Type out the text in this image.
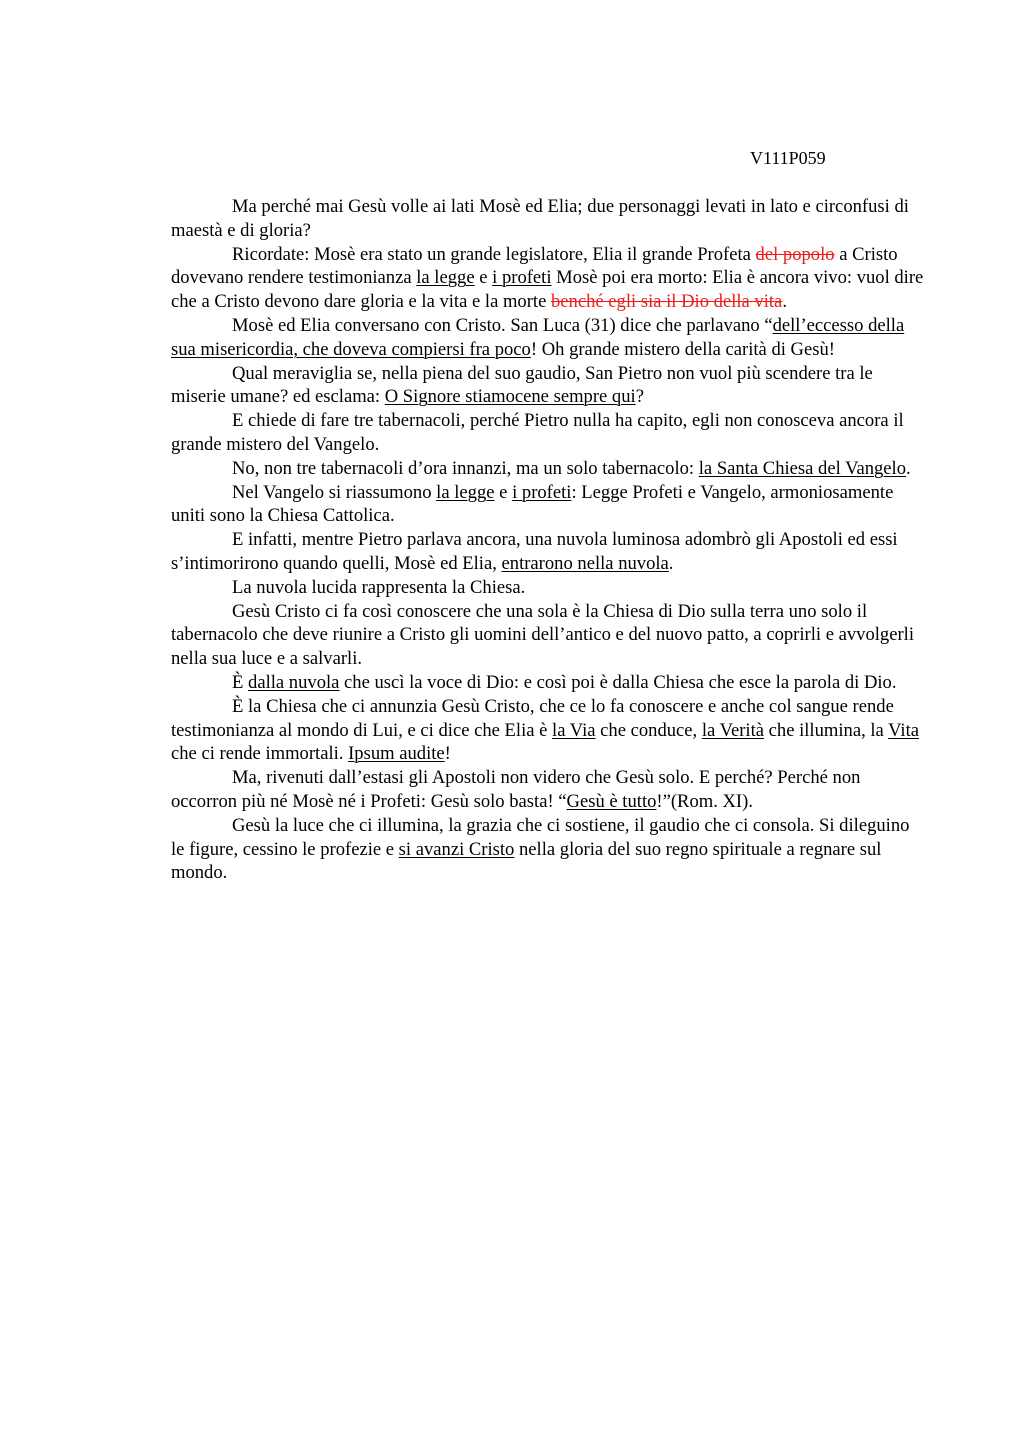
V111P059

Ma perché mai Gesù volle ai lati Mosè ed Elia; due personaggi levati in lato e circonfusi di maestà e di gloria?

Ricordate: Mosè era stato un grande legislatore, Elia il grande Profeta del popolo a Cristo dovevano rendere testimonianza la legge e i profeti Mosè poi era morto: Elia è ancora vivo: vuol dire che a Cristo devono dare gloria e la vita e la morte benché egli sia il Dio della vita.

Mosè ed Elia conversano con Cristo. San Luca (31) dice che parlavano “dell’eccesso della sua misericordia, che doveva compiersi fra poco! Oh grande mistero della carità di Gesù!

Qual meraviglia se, nella piena del suo gaudio, San Pietro non vuol più scendere tra le miserie umane? ed esclama: O Signore stiamocene sempre qui?

E chiede di fare tre tabernacoli, perché Pietro nulla ha capito, egli non conosceva ancora il grande mistero del Vangelo.

No, non tre tabernacoli d’ora innanzi, ma un solo tabernacolo: la Santa Chiesa del Vangelo.

Nel Vangelo si riassumono la legge e i profeti: Legge Profeti e Vangelo, armoniosamente uniti sono la Chiesa Cattolica.

E infatti, mentre Pietro parlava ancora, una nuvola luminosa adombrò gli Apostoli ed essi s’intimorirono quando quelli, Mosè ed Elia, entrarono nella nuvola.

La nuvola lucida rappresenta la Chiesa.

Gesù Cristo ci fa così conoscere che una sola è la Chiesa di Dio sulla terra uno solo il tabernacolo che deve riunire a Cristo gli uomini dell’antico e del nuovo patto, a coprirli e avvolgerli nella sua luce e a salvarli.

È dalla nuvola che uscì la voce di Dio: e così poi è dalla Chiesa che esce la parola di Dio.

È la Chiesa che ci annunzia Gesù Cristo, che ce lo fa conoscere e anche col sangue rende testimonianza al mondo di Lui, e ci dice che Elia è la Via che conduce, la Verità che illumina, la Vita che ci rende immortali. Ipsum audite!

Ma, rivenuti dall’estasi gli Apostoli non videro che Gesù solo. E perché? Perché non occorron più né Mosè né i Profeti: Gesù solo basta! “Gesù è tutto!”(Rom. XI).

Gesù la luce che ci illumina, la grazia che ci sostiene, il gaudio che ci consola. Si dileguino le figure, cessino le profezie e si avanzi Cristo nella gloria del suo regno spirituale a regnare sul mondo.
